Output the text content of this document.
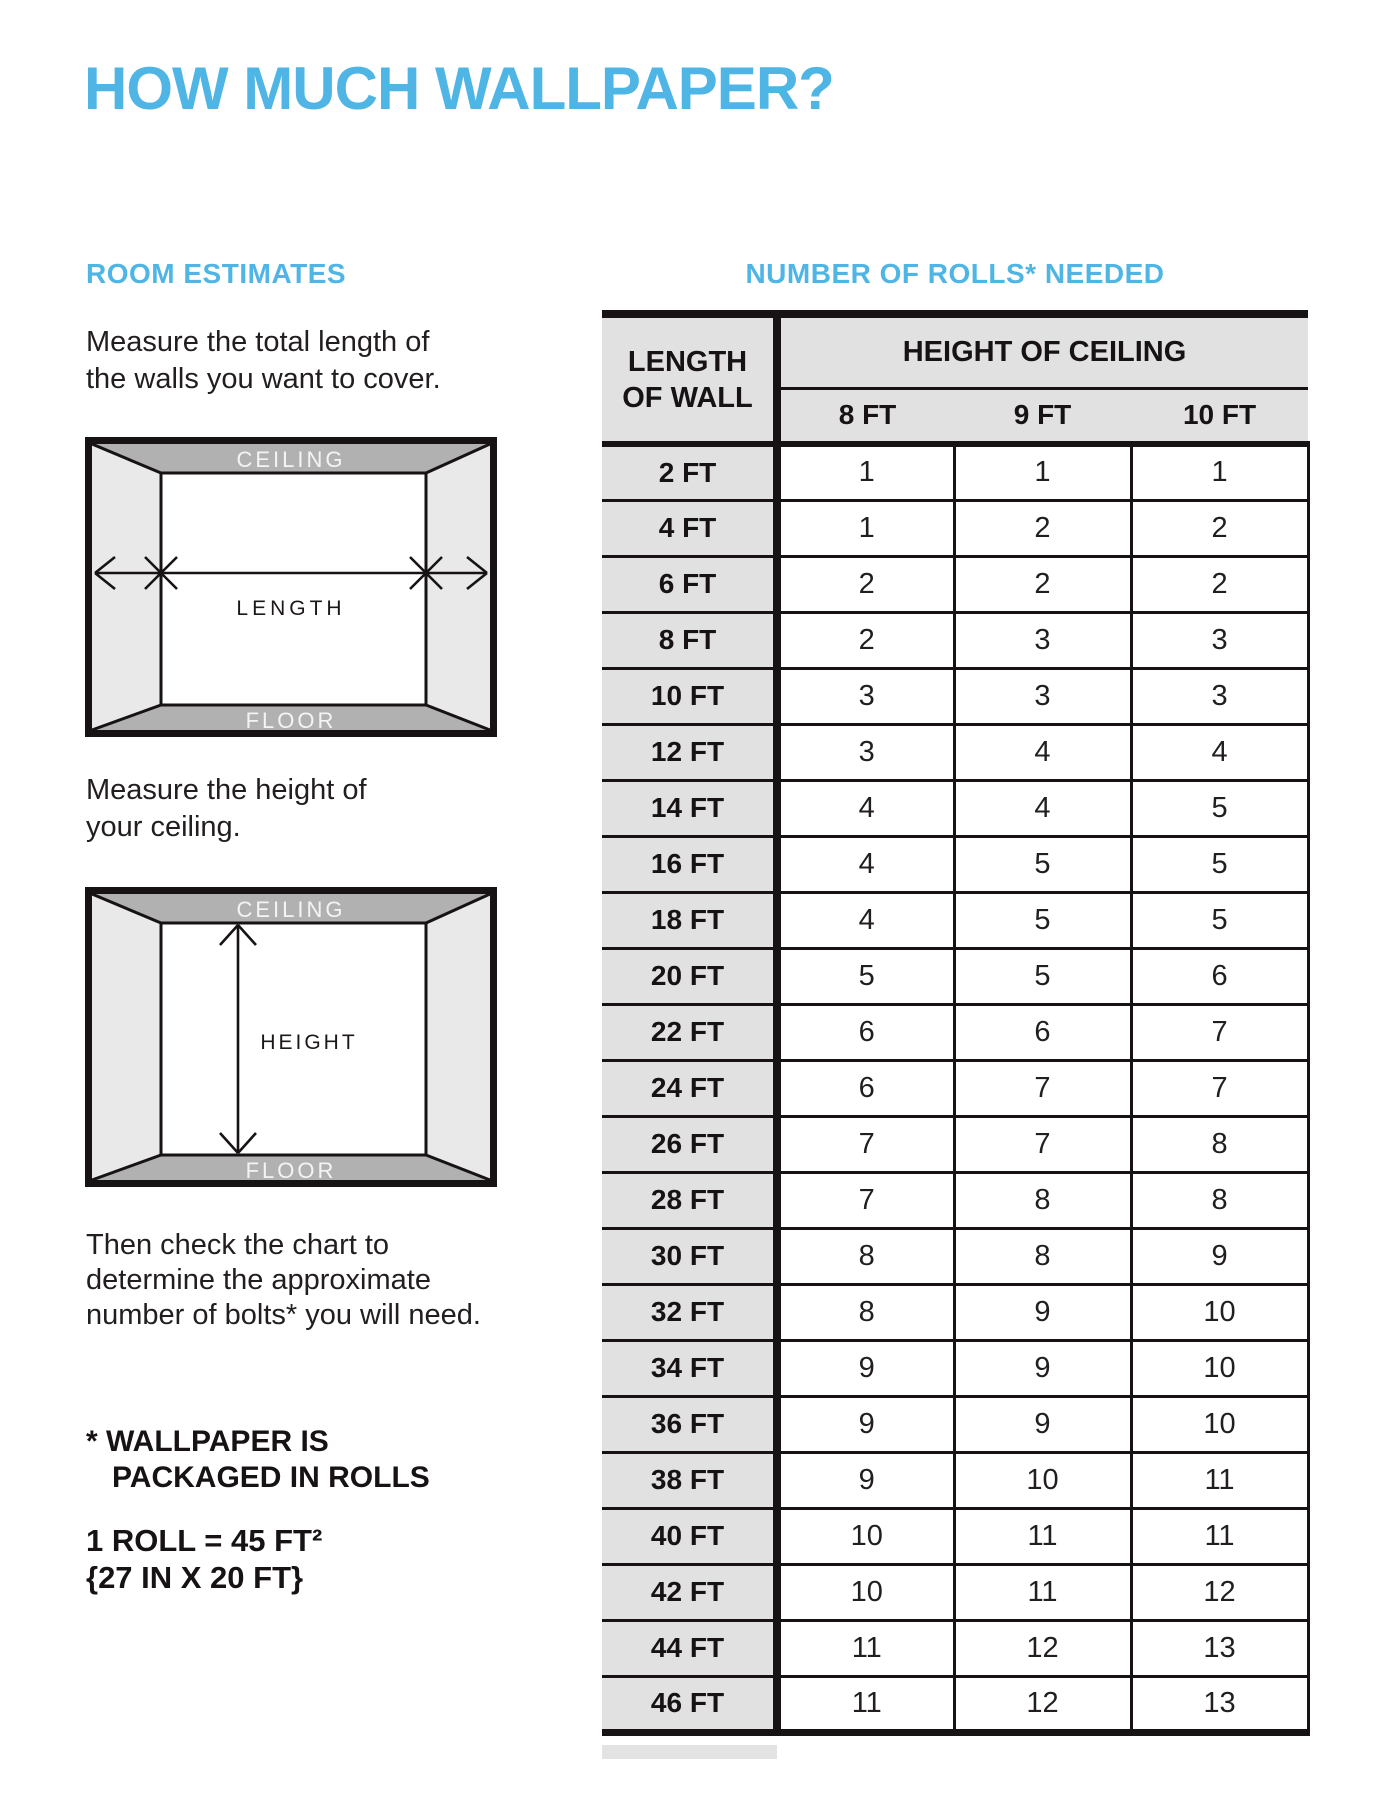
HOW MUCH WALLPAPER?
ROOM ESTIMATES	NUMBER OF ROLLS* NEEDED
Measure the total length of
the walls you want to cover.
CEILING
FLOOR
LENGTH
Measure the height of
your ceiling.
CEILING
FLOOR
HEIGHT
Then check the chart to
determine the approximate
number of bolts* you will need.
* WALLPAPER IS
PACKAGED IN ROLLS
1 ROLL = 45 FT²
{27 IN X 20 FT}
LENGTH
OF WALL	HEIGHT OF CEILING		
	8 FT	9 FT	10 FT
2 FT	1	1	1
4 FT	1	2	2
6 FT	2	2	2
8 FT	2	3	3
10 FT	3	3	3
12 FT	3	4	4
14 FT	4	4	5
16 FT	4	5	5
18 FT	4	5	5
20 FT	5	5	6
22 FT	6	6	7
24 FT	6	7	7
26 FT	7	7	8
28 FT	7	8	8
30 FT	8	8	9
32 FT	8	9	10
34 FT	9	9	10
36 FT	9	9	10
38 FT	9	10	11
40 FT	10	11	11
42 FT	10	11	12
44 FT	11	12	13
46 FT	11	12	13
